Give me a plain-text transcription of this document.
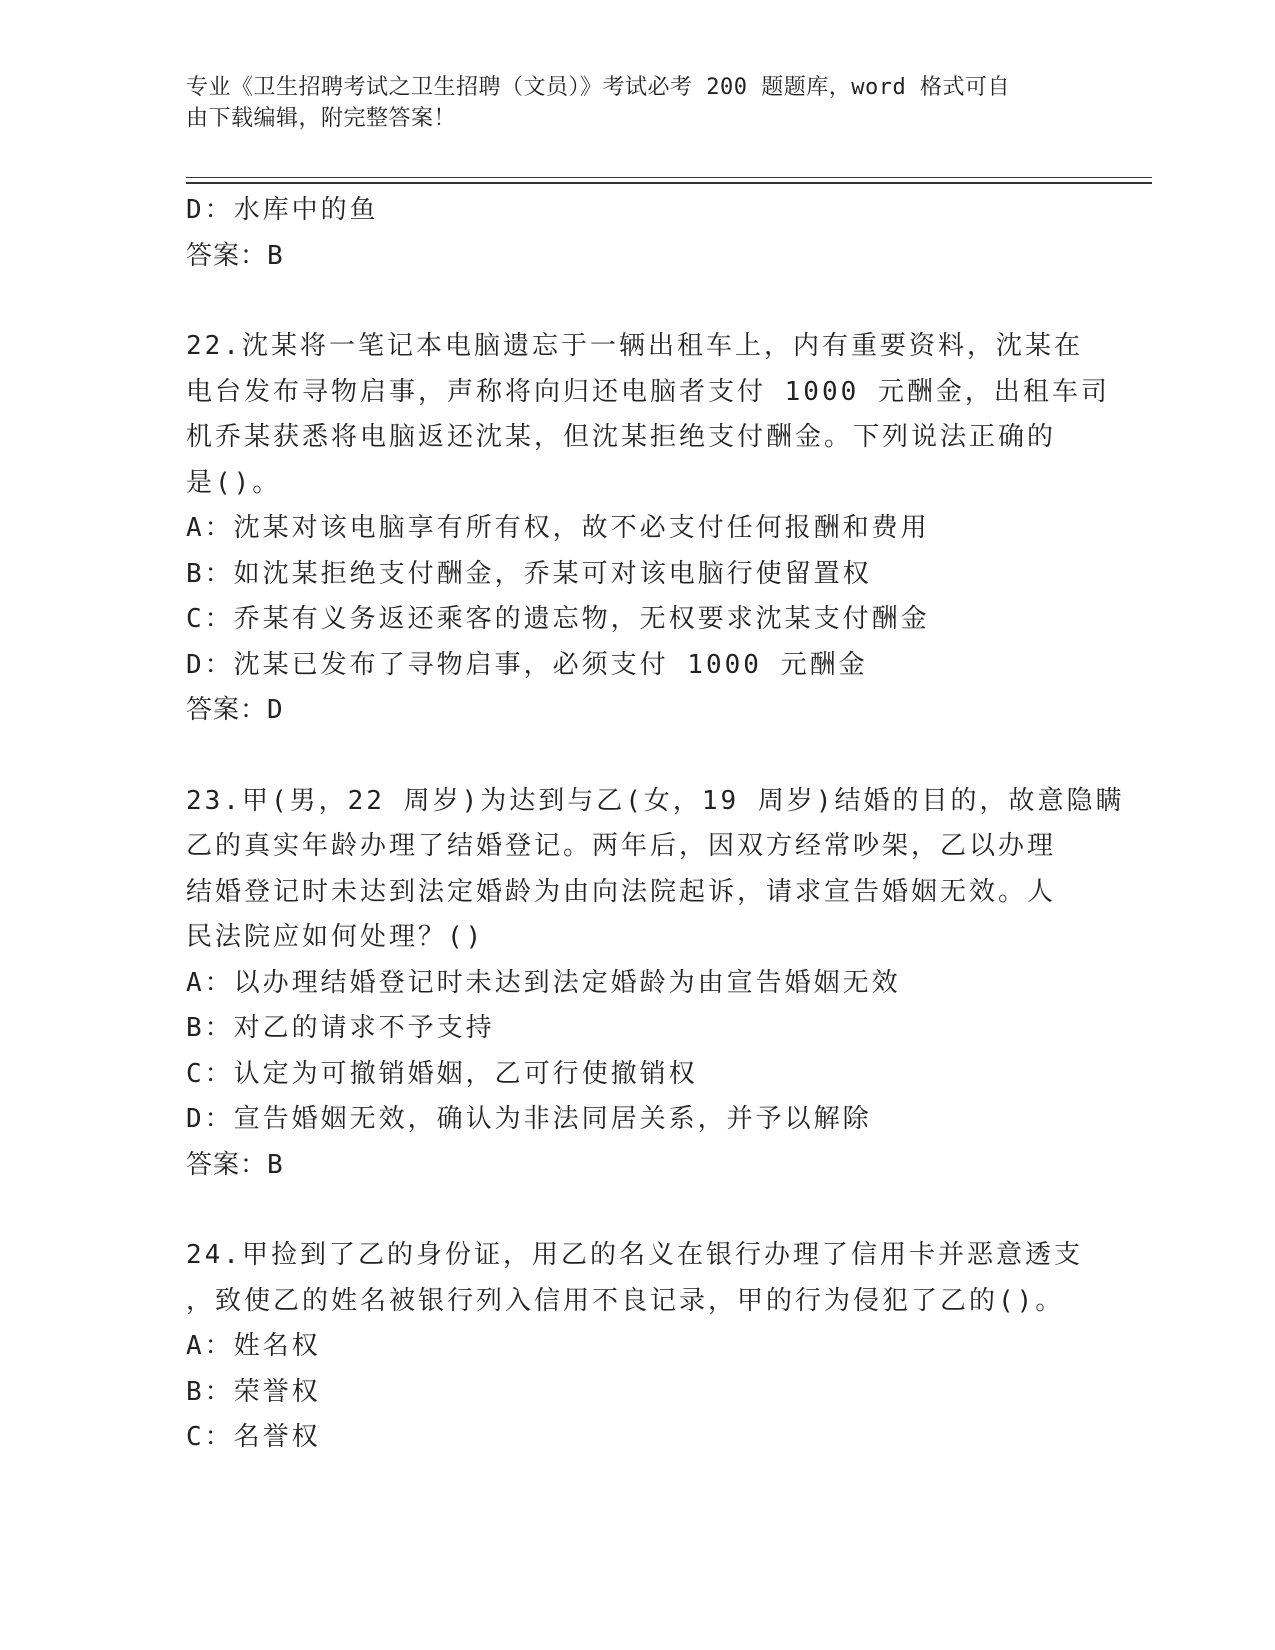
专业《卫生招聘考试之卫生招聘（文员）》考试必考 200 题题库，word 格式可自
由下载编辑，附完整答案！
D：水库中的鱼
答案：B
22.沈某将一笔记本电脑遗忘于一辆出租车上，内有重要资料，沈某在
电台发布寻物启事，声称将向归还电脑者支付 1000 元酬金，出租车司
机乔某获悉将电脑返还沈某，但沈某拒绝支付酬金。下列说法正确的
是()。
A：沈某对该电脑享有所有权，故不必支付任何报酬和费用
B：如沈某拒绝支付酬金，乔某可对该电脑行使留置权
C：乔某有义务返还乘客的遗忘物，无权要求沈某支付酬金
D：沈某已发布了寻物启事，必须支付 1000 元酬金
答案：D
23.甲(男，22 周岁)为达到与乙(女，19 周岁)结婚的目的，故意隐瞒
乙的真实年龄办理了结婚登记。两年后，因双方经常吵架，乙以办理
结婚登记时未达到法定婚龄为由向法院起诉，请求宣告婚姻无效。人
民法院应如何处理？()
A：以办理结婚登记时未达到法定婚龄为由宣告婚姻无效
B：对乙的请求不予支持
C：认定为可撤销婚姻，乙可行使撤销权
D：宣告婚姻无效，确认为非法同居关系，并予以解除
答案：B
24.甲捡到了乙的身份证，用乙的名义在银行办理了信用卡并恶意透支
，致使乙的姓名被银行列入信用不良记录，甲的行为侵犯了乙的()。
A：姓名权
B：荣誉权
C：名誉权
